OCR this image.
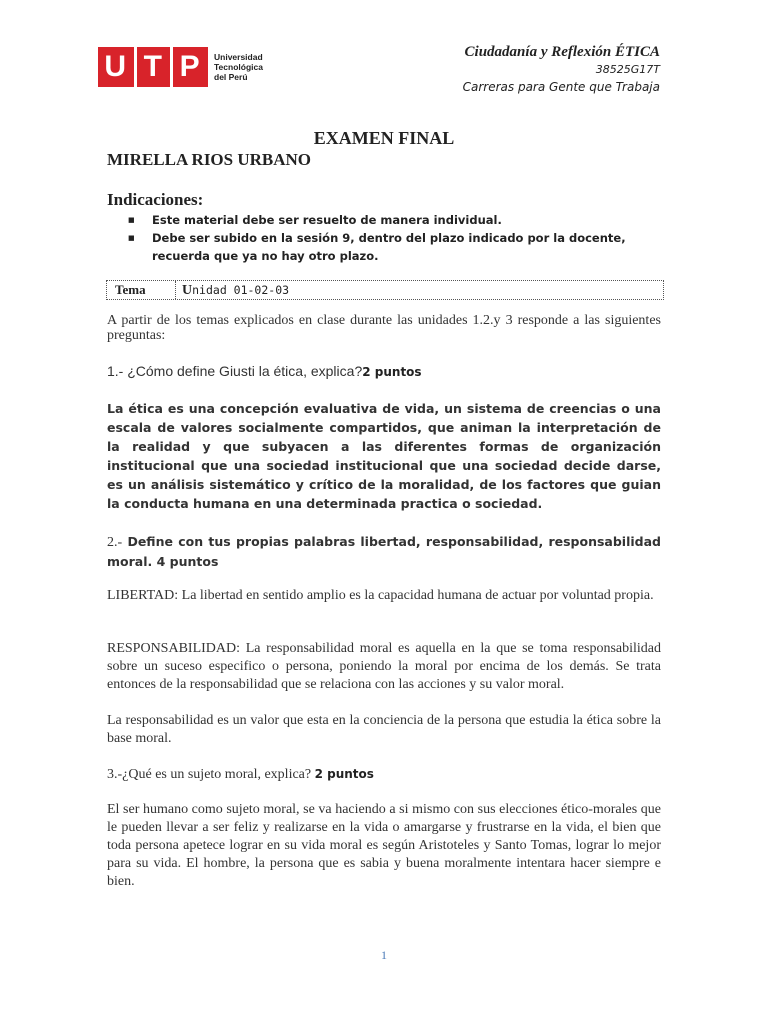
U T P	Universidad
Tecnológica
del Perú
Ciudadanía y Reflexión ÉTICA
38525G17T
Carreras para Gente que Trabaja
EXAMEN FINAL
MIRELLA RIOS URBANO
Indicaciones:
■ Este material debe ser resuelto de manera individual.
■ Debe ser subido en la sesión 9, dentro del plazo indicado por la docente, recuerda que ya no hay otro plazo.
Tema	Unidad 01-02-03
A partir de los temas explicados en clase durante las unidades 1.2.y 3 responde a las siguientes preguntas:
1.- ¿Cómo define Giusti la ética, explica?2 puntos
La ética es una concepción evaluativa de vida, un sistema de creencias o una escala de valores socialmente compartidos, que animan la interpretación de la realidad y que subyacen a las diferentes formas de organización institucional que una sociedad institucional que una sociedad decide darse, es un análisis sistemático y crítico de la moralidad, de los factores que guian la conducta humana en una determinada practica o sociedad.
2.- Define con tus propias palabras libertad, responsabilidad, responsabilidad moral. 4 puntos
LIBERTAD: La libertad en sentido amplio es la capacidad humana de actuar por voluntad propia.
RESPONSABILIDAD: La responsabilidad moral es aquella en la que se toma responsabilidad sobre un suceso especifico o persona, poniendo la moral por encima de los demás. Se trata entonces de la responsabilidad que se relaciona con las acciones y su valor moral.
La responsabilidad es un valor que esta en la conciencia de la persona que estudia la ética sobre la base moral.
3.-¿Qué es un sujeto moral, explica? 2 puntos
El ser humano como sujeto moral, se va haciendo a si mismo con sus elecciones ético-morales que le pueden llevar a ser feliz y realizarse en la vida o amargarse y frustrarse en la vida, el bien que toda persona apetece lograr en su vida moral es según Aristoteles y Santo Tomas, lograr lo mejor para su vida. El hombre, la persona que es sabia y buena moralmente intentara hacer siempre e bien.
1
